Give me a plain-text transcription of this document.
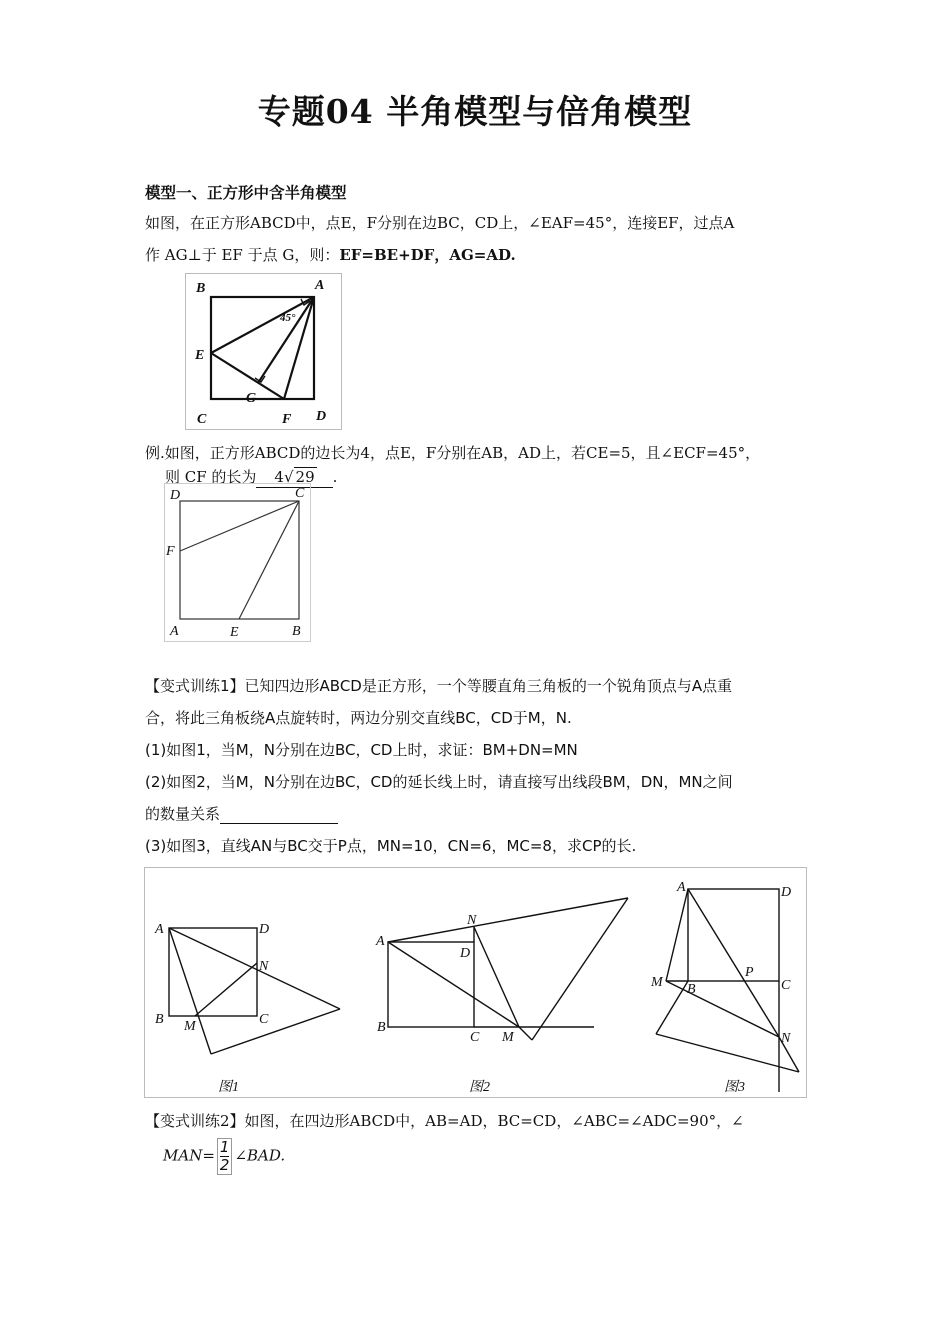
专题04 半角模型与倍角模型
模型一、正方形中含半角模型
如图，在正方形ABCD中，点E，F分别在边BC，CD上，∠EAF=45°，连接EF，过点A
作 AG⊥于 EF 于点 G，则：EF=BE+DF，AG=AD.
B	A
E
C
G
F D
45°
例.如图，正方形ABCD的边长为4，点E，F分别在AB，AD上，若CE=5，且∠ECF=45°，
则 CF 的长为 4√ 29 .
D	C
F
A	E	B
【变式训练1】已知四边形ABCD是正方形，一个等腰直角三角板的一个锐角顶点与A点重
合，将此三角板绕A点旋转时，两边分别交直线BC，CD于M，N.
(1)如图1，当M，N分别在边BC，CD上时，求证：BM+DN=MN
(2)如图2，当M，N分别在边BC，CD的延长线上时，请直接写出线段BM，DN，MN之间
的数量关系
(3)如图3，直线AN与BC交于P点，MN=10，CN=6，MC=8，求CP的长.
A	D
N
B M	C
图1
A
N
D
B
C M
图2
A	D
P
M B	C
N
图3
【变式训练2】如图，在四边形ABCD中，AB=AD，BC=CD，∠ABC=∠ADC=90°，∠
$MAN= \frac{1}{2}$ ∠BAD.
